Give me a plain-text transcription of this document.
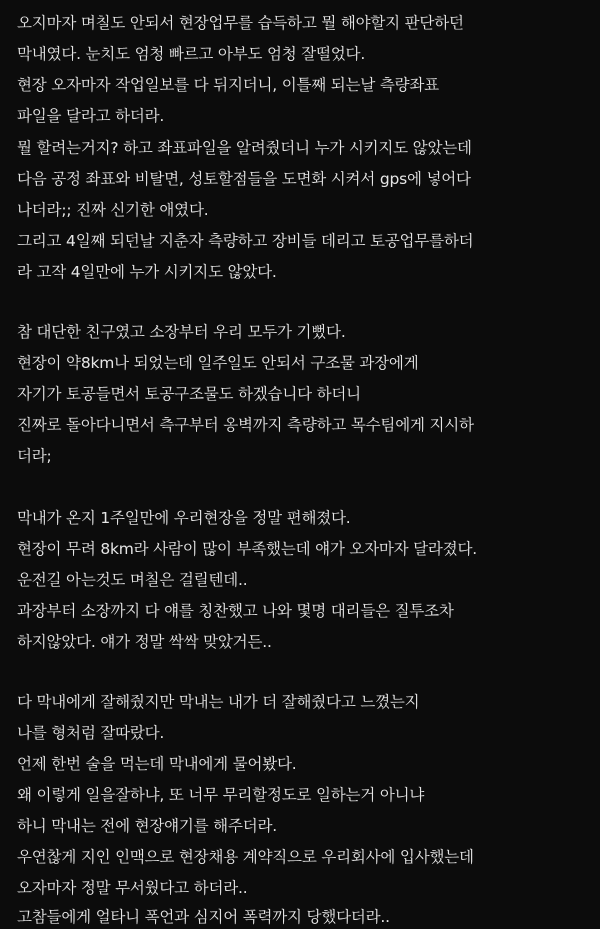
오지마자 며칠도 안되서 현장업무를 습득하고 뭘 해야할지 판단하던
막내였다. 눈치도 엄청 빠르고 아부도 엄청 잘떨었다.
현장 오자마자 작업일보를 다 뒤지더니, 이틀째 되는날 측량좌표
파일을 달라고 하더라.
뭘 할려는거지? 하고 좌표파일을 알려줬더니 누가 시키지도 않았는데
다음 공정 좌표와 비탈면, 성토할점들을 도면화 시켜서 gps에 넣어다
나더라;; 진짜 신기한 애였다.
그리고 4일째 되던날 지춘자 측량하고 장비들 데리고 토공업무를하더
라 고작 4일만에 누가 시키지도 않았다.
참 대단한 친구였고 소장부터 우리 모두가 기뻤다.
현장이 약8km나 되었는데 일주일도 안되서 구조물 과장에게
자기가 토공들면서 토공구조물도 하겠습니다 하더니
진짜로 돌아다니면서 측구부터 옹벽까지 측량하고 목수팀에게 지시하
더라;
막내가 온지 1주일만에 우리현장을 정말 편해졌다.
현장이 무려 8km라 사람이 많이 부족했는데 얘가 오자마자 달라졌다.
운전길 아는것도 며칠은 걸릴텐데..
과장부터 소장까지 다 얘를 칭찬했고 나와 몇명 대리들은 질투조차
하지않았다. 얘가 정말 싹싹 맞았거든..
다 막내에게 잘해줬지만 막내는 내가 더 잘해줬다고 느꼈는지
나를 형처럼 잘따랐다.
언제 한번 술을 먹는데 막내에게 물어봤다.
왜 이렇게 일을잘하냐, 또 너무 무리할정도로 일하는거 아니냐
하니 막내는 전에 현장얘기를 해주더라.
우연찮게 지인 인맥으로 현장채용 계약직으로 우리회사에 입사했는데
오자마자 정말 무서웠다고 하더라..
고참들에게 얼타니 폭언과 심지어 폭력까지 당했다더라..
